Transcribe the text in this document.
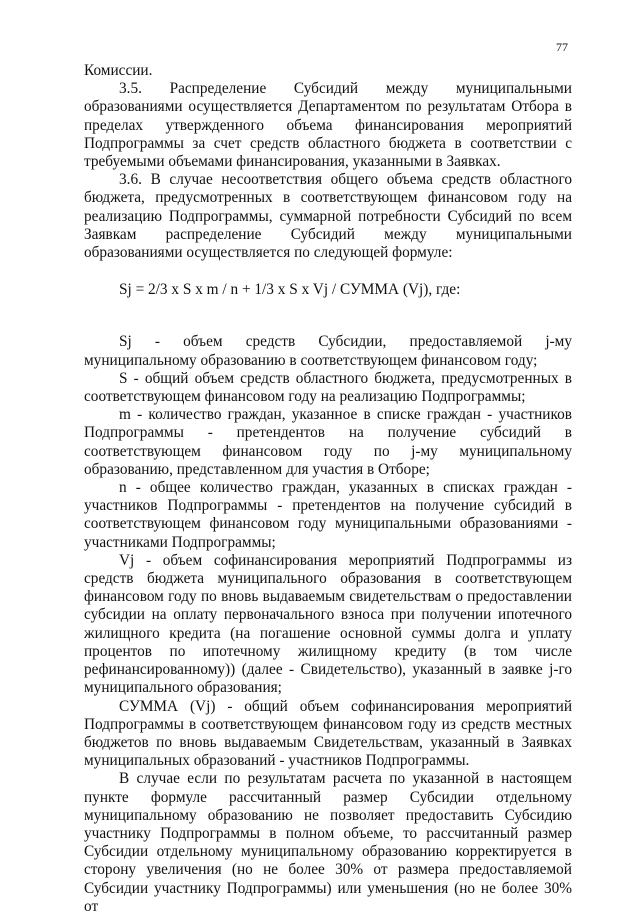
77

Комиссии.

3.5. Распределение Субсидий между муниципальными образованиями осуществляется Департаментом по результатам Отбора в пределах утвержденного объема финансирования мероприятий Подпрограммы за счет средств областного бюджета в соответствии с требуемыми объемами финансирования, указанными в Заявках.

3.6. В случае несоответствия общего объема средств областного бюджета, предусмотренных в соответствующем финансовом году на реализацию Подпрограммы, суммарной потребности Субсидий по всем Заявкам распределение Субсидий между муниципальными образованиями осуществляется по следующей формуле:

Sj = 2/3 x S x m / n + 1/3 x S x Vj / СУММА (Vj), где:

Sj - объем средств Субсидии, предоставляемой j-му муниципальному образованию в соответствующем финансовом году;

S - общий объем средств областного бюджета, предусмотренных в соответствующем финансовом году на реализацию Подпрограммы;

m - количество граждан, указанное в списке граждан - участников Подпрограммы - претендентов на получение субсидий в соответствующем финансовом году по j-му муниципальному образованию, представленном для участия в Отборе;

n - общее количество граждан, указанных в списках граждан - участников Подпрограммы - претендентов на получение субсидий в соответствующем финансовом году муниципальными образованиями - участниками Подпрограммы;

Vj - объем софинансирования мероприятий Подпрограммы из средств бюджета муниципального образования в соответствующем финансовом году по вновь выдаваемым свидетельствам о предоставлении субсидии на оплату первоначального взноса при получении ипотечного жилищного кредита (на погашение основной суммы долга и уплату процентов по ипотечному жилищному кредиту (в том числе рефинансированному)) (далее - Свидетельство), указанный в заявке j-го муниципального образования;

СУММА (Vj) - общий объем софинансирования мероприятий Подпрограммы в соответствующем финансовом году из средств местных бюджетов по вновь выдаваемым Свидетельствам, указанный в Заявках муниципальных образований - участников Подпрограммы.

В случае если по результатам расчета по указанной в настоящем пункте формуле рассчитанный размер Субсидии отдельному муниципальному образованию не позволяет предоставить Субсидию участнику Подпрограммы в полном объеме, то рассчитанный размер Субсидии отдельному муниципальному образованию корректируется в сторону увеличения (но не более 30% от размера предоставляемой Субсидии участнику Подпрограммы) или уменьшения (но не более 30% от
